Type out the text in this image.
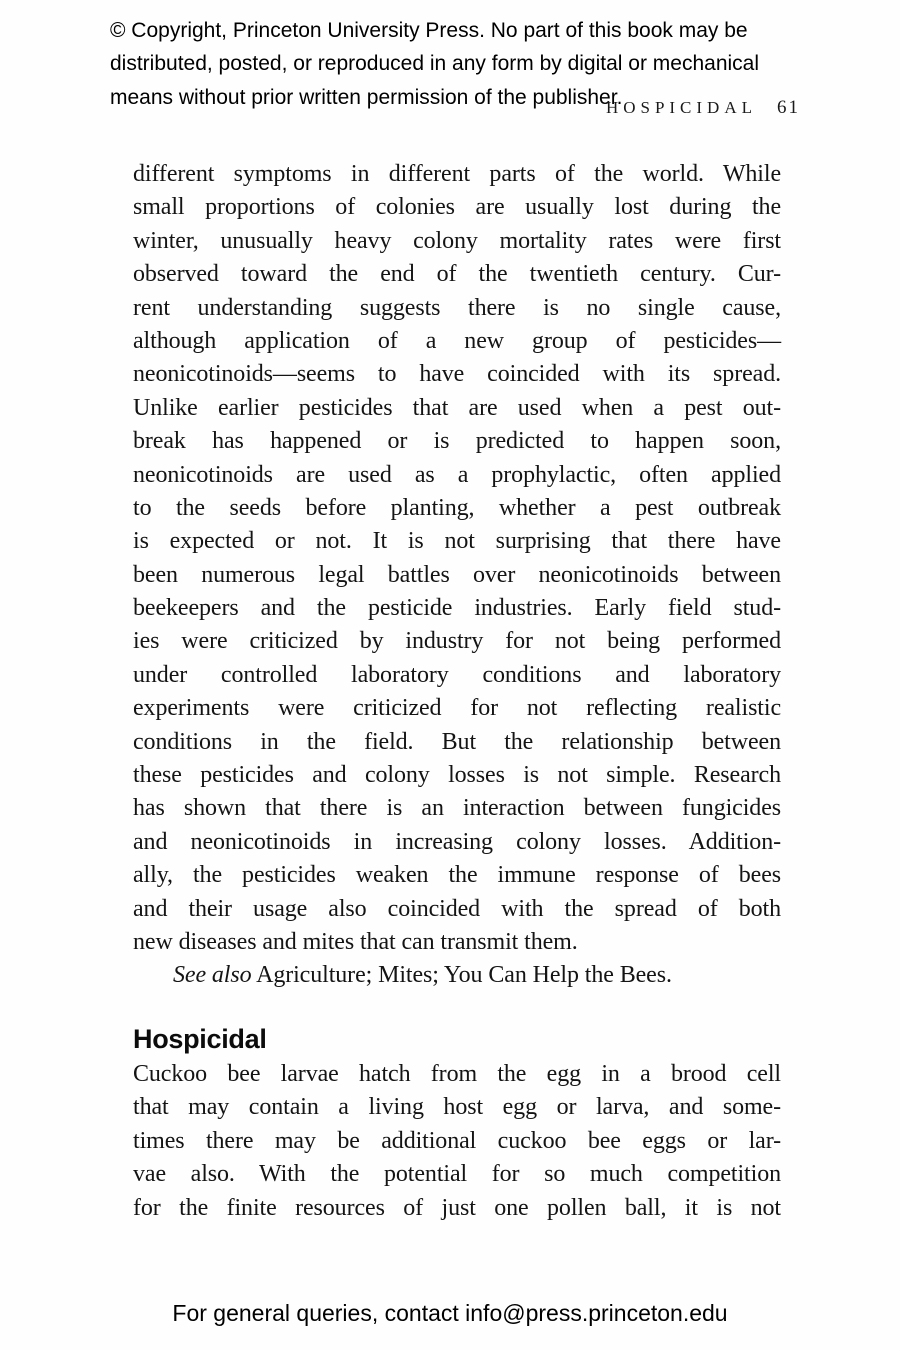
© Copyright, Princeton University Press. No part of this book may be
distributed, posted, or reproduced in any form by digital or mechanical
means without prior written permission of the publisher.
HOSPICIDAL 61
different symptoms in different parts of the world. While
small proportions of colonies are usually lost during the
winter, unusually heavy colony mortality rates were first
observed toward the end of the twentieth century. Cur-
rent understanding suggests there is no single cause,
although application of a new group of pesticides—
neonicotinoids—seems to have coincided with its spread.
Unlike earlier pesticides that are used when a pest out-
break has happened or is predicted to happen soon,
neonicotinoids are used as a prophylactic, often applied
to the seeds before planting, whether a pest outbreak
is expected or not. It is not surprising that there have
been numerous legal battles over neonicotinoids between
beekeepers and the pesticide industries. Early field stud-
ies were criticized by industry for not being performed
under controlled laboratory conditions and laboratory
experiments were criticized for not reflecting realistic
conditions in the field. But the relationship between
these pesticides and colony losses is not simple. Research
has shown that there is an interaction between fungicides
and neonicotinoids in increasing colony losses. Addition-
ally, the pesticides weaken the immune response of bees
and their usage also coincided with the spread of both
new diseases and mites that can transmit them.
See also Agriculture; Mites; You Can Help the Bees.
Hospicidal
Cuckoo bee larvae hatch from the egg in a brood cell
that may contain a living host egg or larva, and some-
times there may be additional cuckoo bee eggs or lar-
vae also. With the potential for so much competition
for the finite resources of just one pollen ball, it is not
For general queries, contact info@press.princeton.edu
